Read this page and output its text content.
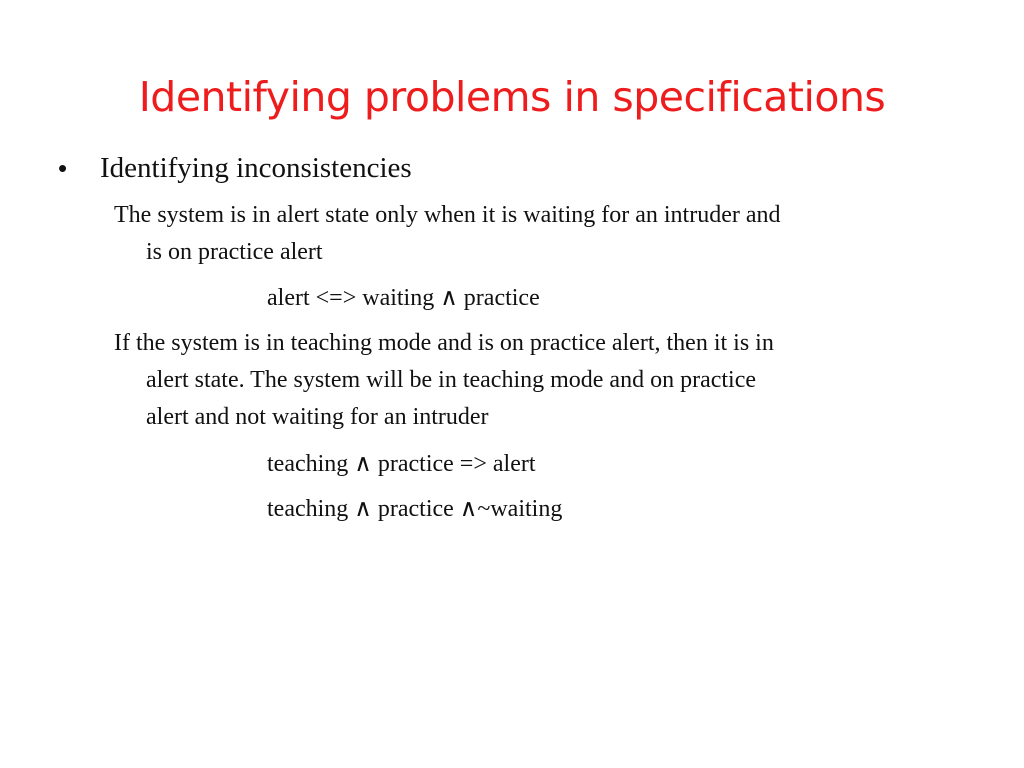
Identifying problems in specifications
• Identifying inconsistencies
The system is in alert state only when it is waiting for an intruder and
is on practice alert
alert <=> waiting ∧ practice
If the system is in teaching mode and is on practice alert, then it is in
alert state. The system will be in teaching mode and on practice
alert and not waiting for an intruder
teaching ∧ practice => alert
teaching ∧ practice ∧~waiting
